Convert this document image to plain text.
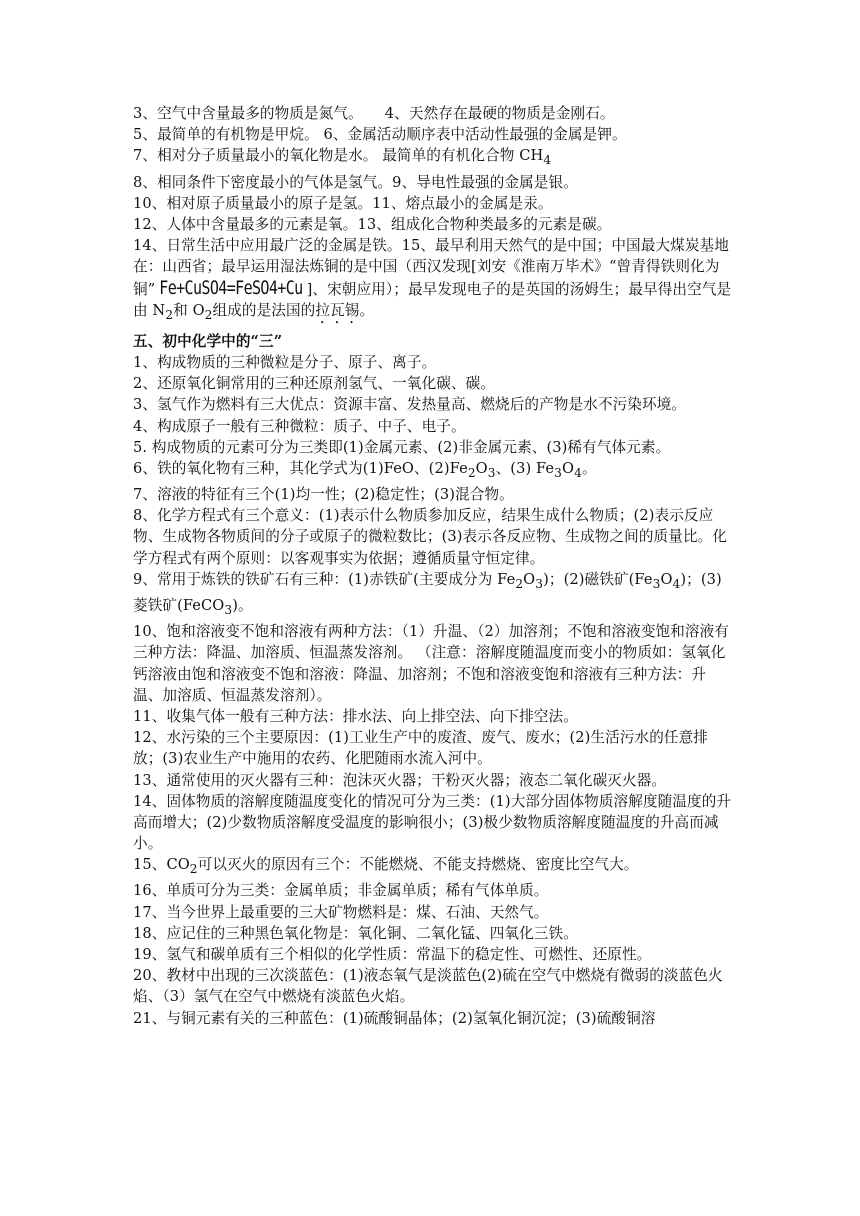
3、空气中含量最多的物质是氮气。 4、天然存在最硬的物质是金刚石。

5、最简单的有机物是甲烷。 6、金属活动顺序表中活动性最强的金属是钾。

7、相对分子质量最小的氧化物是水。 最简单的有机化合物 $CH_4$

8、相同条件下密度最小的气体是氢气。9、导电性最强的金属是银。

10、相对原子质量最小的原子是氢。11、熔点最小的金属是汞。

12、人体中含量最多的元素是氧。13、组成化合物种类最多的元素是碳。

14、日常生活中应用最广泛的金属是铁。15、最早利用天然气的是中国；中国最大煤炭基地在：山西省；最早运用湿法炼铜的是中国（西汉发现[刘安《淮南万毕术》“曾青得铁则化为铜” Fe+CuSO4=FeSO4+Cu ]、宋朝应用）；最早发现电子的是英国的汤姆生；最早得出空气是由 $N_2$和 $O_2$组成的是法国的拉瓦锡。

五、初中化学中的“三”

1、构成物质的三种微粒是分子、原子、离子。

2、还原氧化铜常用的三种还原剂氢气、一氧化碳、碳。

3、氢气作为燃料有三大优点：资源丰富、发热量高、燃烧后的产物是水不污染环境。

4、构成原子一般有三种微粒：质子、中子、电子。

5. 构成物质的元素可分为三类即(1)金属元素、(2)非金属元素、(3)稀有气体元素。

6、铁的氧化物有三种，其化学式为(1)FeO、$(2)Fe_2O_3$、(3) $Fe_3O_4$。

7、溶液的特征有三个(1)均一性；(2)稳定性；(3)混合物。

8、化学方程式有三个意义：(1)表示什么物质参加反应，结果生成什么物质；(2)表示反应物、生成物各物质间的分子或原子的微粒数比；(3)表示各反应物、生成物之间的质量比。化学方程式有两个原则：以客观事实为依据；遵循质量守恒定律。

9、常用于炼铁的铁矿石有三种：(1)赤铁矿(主要成分为 $Fe_2O_3$)；(2)磁铁矿$(Fe_3O_4)$；(3)菱铁矿(FeCO$_3$)。

10、饱和溶液变不饱和溶液有两种方法：（1）升温、（2）加溶剂；不饱和溶液变饱和溶液有三种方法：降温、加溶质、恒温蒸发溶剂。 （注意：溶解度随温度而变小的物质如：氢氧化钙溶液由饱和溶液变不饱和溶液：降温、加溶剂；不饱和溶液变饱和溶液有三种方法：升温、加溶质、恒温蒸发溶剂）。

11、收集气体一般有三种方法：排水法、向上排空法、向下排空法。

12、水污染的三个主要原因：(1)工业生产中的废渣、废气、废水；(2)生活污水的任意排放；(3)农业生产中施用的农药、化肥随雨水流入河中。

13、通常使用的灭火器有三种：泡沫灭火器；干粉灭火器；液态二氧化碳灭火器。

14、固体物质的溶解度随温度变化的情况可分为三类：(1)大部分固体物质溶解度随温度的升高而增大；(2)少数物质溶解度受温度的影响很小；(3)极少数物质溶解度随温度的升高而减小。

15、$CO_2$可以灭火的原因有三个：不能燃烧、不能支持燃烧、密度比空气大。

16、单质可分为三类：金属单质；非金属单质；稀有气体单质。

17、当今世界上最重要的三大矿物燃料是：煤、石油、天然气。

18、应记住的三种黑色氧化物是：氧化铜、二氧化锰、四氧化三铁。

19、氢气和碳单质有三个相似的化学性质：常温下的稳定性、可燃性、还原性。

20、教材中出现的三次淡蓝色：(1)液态氧气是淡蓝色(2)硫在空气中燃烧有微弱的淡蓝色火焰、（3）氢气在空气中燃烧有淡蓝色火焰。

21、与铜元素有关的三种蓝色：(1)硫酸铜晶体；(2)氢氧化铜沉淀；(3)硫酸铜溶
